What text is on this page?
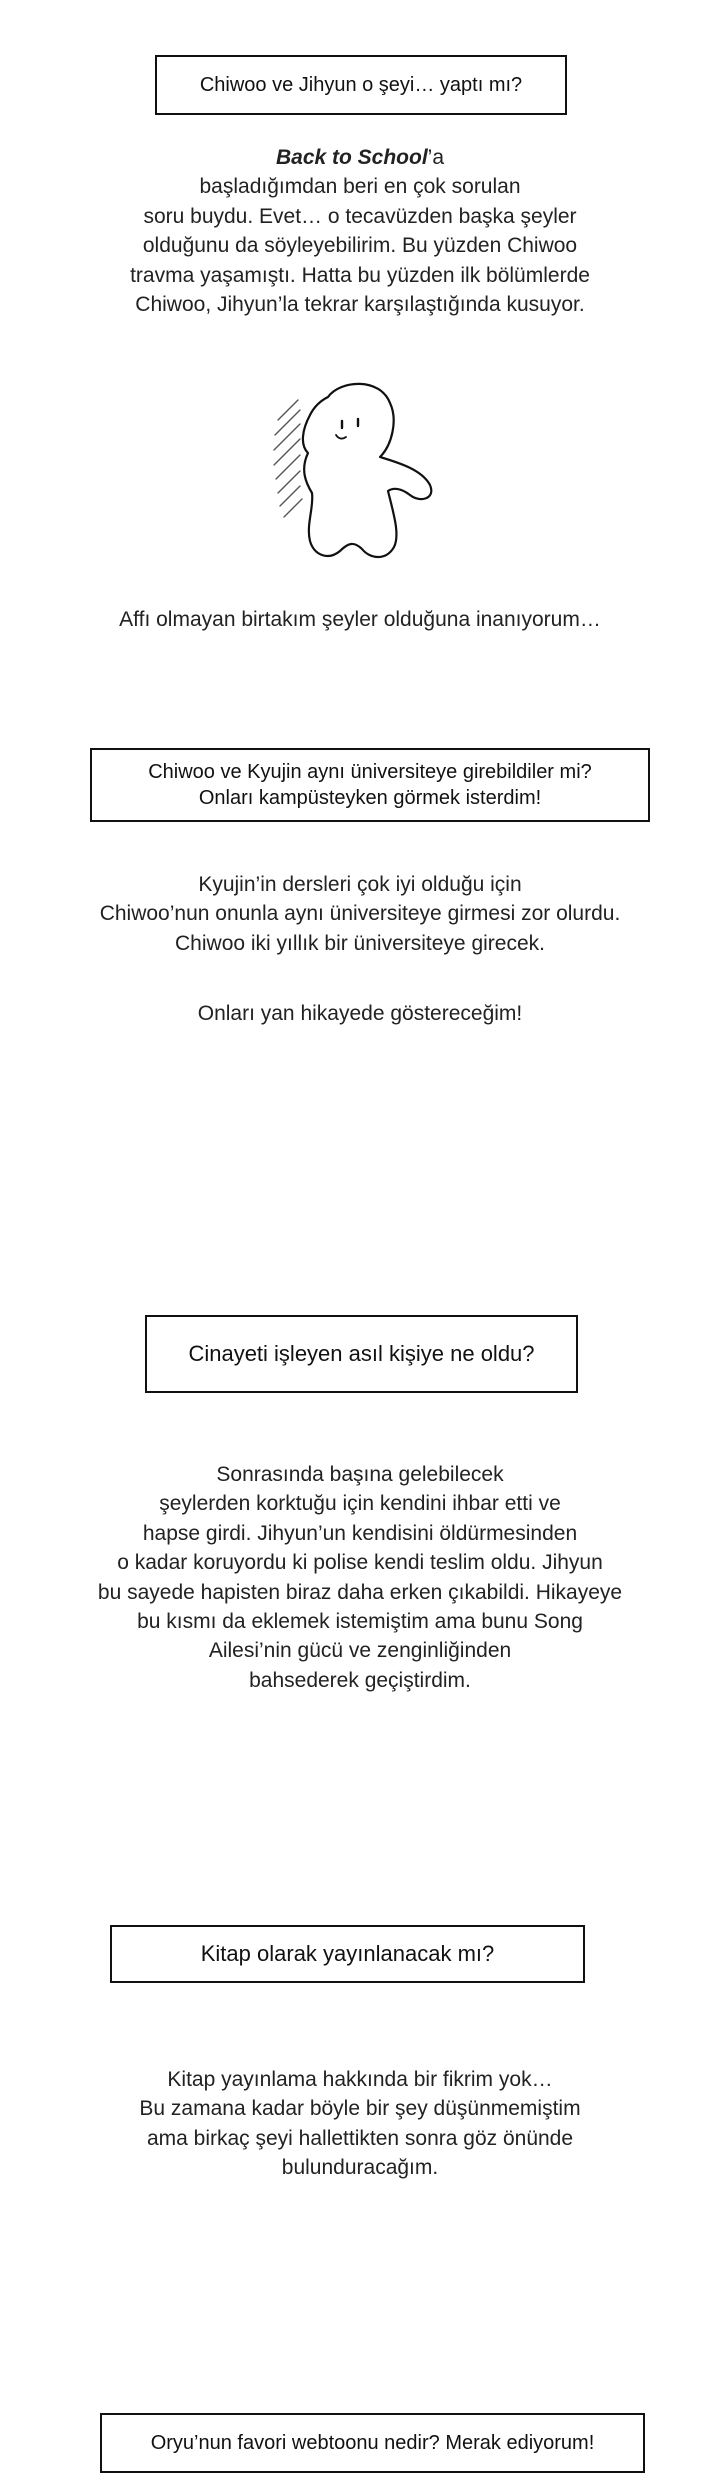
Chiwoo ve Jihyun o şeyi… yaptı mı?
Back to School’a
başladığımdan beri en çok sorulan
soru buydu. Evet… o tecavüzden başka şeyler
olduğunu da söyleyebilirim. Bu yüzden Chiwoo
travma yaşamıştı. Hatta bu yüzden ilk bölümlerde
Chiwoo, Jihyun’la tekrar karşılaştığında kusuyor.
Affı olmayan birtakım şeyler olduğuna inanıyorum…
Chiwoo ve Kyujin aynı üniversiteye girebildiler mi?
Onları kampüsteyken görmek isterdim!
Kyujin’in dersleri çok iyi olduğu için
Chiwoo’nun onunla aynı üniversiteye girmesi zor olurdu.
Chiwoo iki yıllık bir üniversiteye girecek.
Onları yan hikayede göstereceğim!
Cinayeti işleyen asıl kişiye ne oldu?
Sonrasında başına gelebilecek
şeylerden korktuğu için kendini ihbar etti ve
hapse girdi. Jihyun’un kendisini öldürmesinden
o kadar koruyordu ki polise kendi teslim oldu. Jihyun
bu sayede hapisten biraz daha erken çıkabildi. Hikayeye
bu kısmı da eklemek istemiştim ama bunu Song
Ailesi’nin gücü ve zenginliğinden
bahsederek geçiştirdim.
Kitap olarak yayınlanacak mı?
Kitap yayınlama hakkında bir fikrim yok…
Bu zamana kadar böyle bir şey düşünmemiştim
ama birkaç şeyi hallettikten sonra göz önünde
bulunduracağım.
Oryu’nun favori webtoonu nedir? Merak ediyorum!
